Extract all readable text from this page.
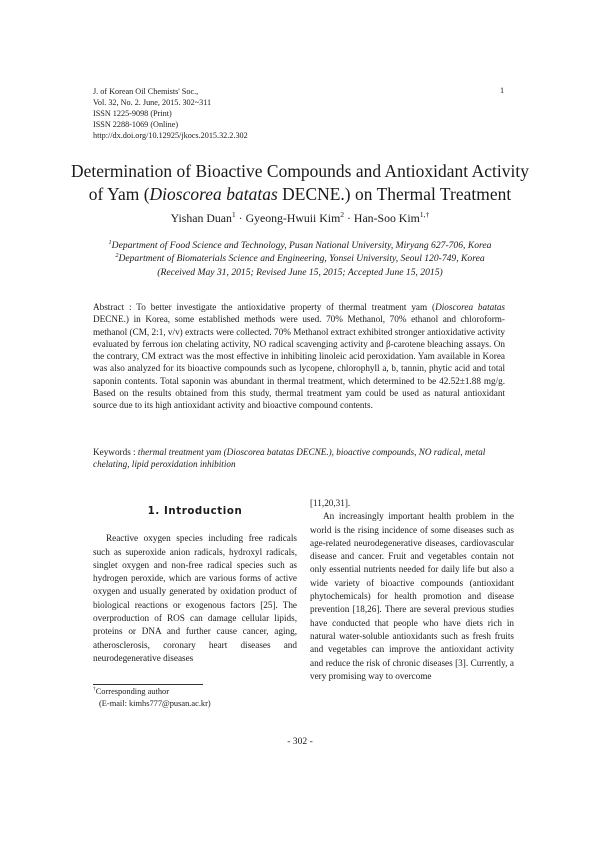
J. of Korean Oil Chemists' Soc.,
Vol. 32, No. 2. June, 2015. 302~311
ISSN 1225-9098 (Print)
ISSN 2288-1069 (Online)
http://dx.doi.org/10.12925/jkocs.2015.32.2.302
1
Determination of Bioactive Compounds and Antioxidant Activity
of Yam (Dioscorea batatas DECNE.) on Thermal Treatment
Yishan Duan$^1$ · Gyeong-Hwuii Kim$^2$ · Han-Soo Kim$^{1,\dagger}$
$^1$Department of Food Science and Technology, Pusan National University, Miryang 627-706, Korea
$^2$Department of Biomaterials Science and Engineering, Yonsei University, Seoul 120-749, Korea
(Received May 31, 2015; Revised June 15, 2015; Accepted June 15, 2015)
Abstract : To better investigate the antioxidative property of thermal treatment yam (Dioscorea batatas DECNE.) in Korea, some established methods were used. 70% Methanol, 70% ethanol and chloroform-methanol (CM, 2:1, v/v) extracts were collected. 70% Methanol extract exhibited stronger antioxidative activity evaluated by ferrous ion chelating activity, NO radical scavenging activity and β-carotene bleaching assays. On the contrary, CM extract was the most effective in inhibiting linoleic acid peroxidation. Yam available in Korea was also analyzed for its bioactive compounds such as lycopene, chlorophyll a, b, tannin, phytic acid and total saponin contents. Total saponin was abundant in thermal treatment, which determined to be 42.52±1.88 mg/g. Based on the results obtained from this study, thermal treatment yam could be used as natural antioxidant source due to its high antioxidant activity and bioactive compound contents.
Keywords : thermal treatment yam (Dioscorea batatas DECNE.), bioactive compounds, NO radical, metal chelating, lipid peroxidation inhibition
1. Introduction

Reactive oxygen species including free radicals such as superoxide anion radicals, hydroxyl radicals, singlet oxygen and non-free radical species such as hydrogen peroxide, which are various forms of active oxygen and usually generated by oxidation product of biological reactions or exogenous factors [25]. The overproduction of ROS can damage cellular lipids, proteins or DNA and further cause cancer, aging, atherosclerosis, coronary heart diseases and neurodegenerative diseases

[11,20,31].

An increasingly important health problem in the world is the rising incidence of some diseases such as age-related neurodegenerative diseases, cardiovascular disease and cancer. Fruit and vegetables contain not only essential nutrients needed for daily life but also a wide variety of bioactive compounds (antioxidant phytochemicals) for health promotion and disease prevention [18,26]. There are several previous studies have conducted that people who have diets rich in natural water-soluble antioxidants such as fresh fruits and vegetables can improve the antioxidant activity and reduce the risk of chronic diseases [3]. Currently, a very promising way to overcome

†Corresponding author
(E-mail: kimhs777@pusan.ac.kr)
- 302 -
